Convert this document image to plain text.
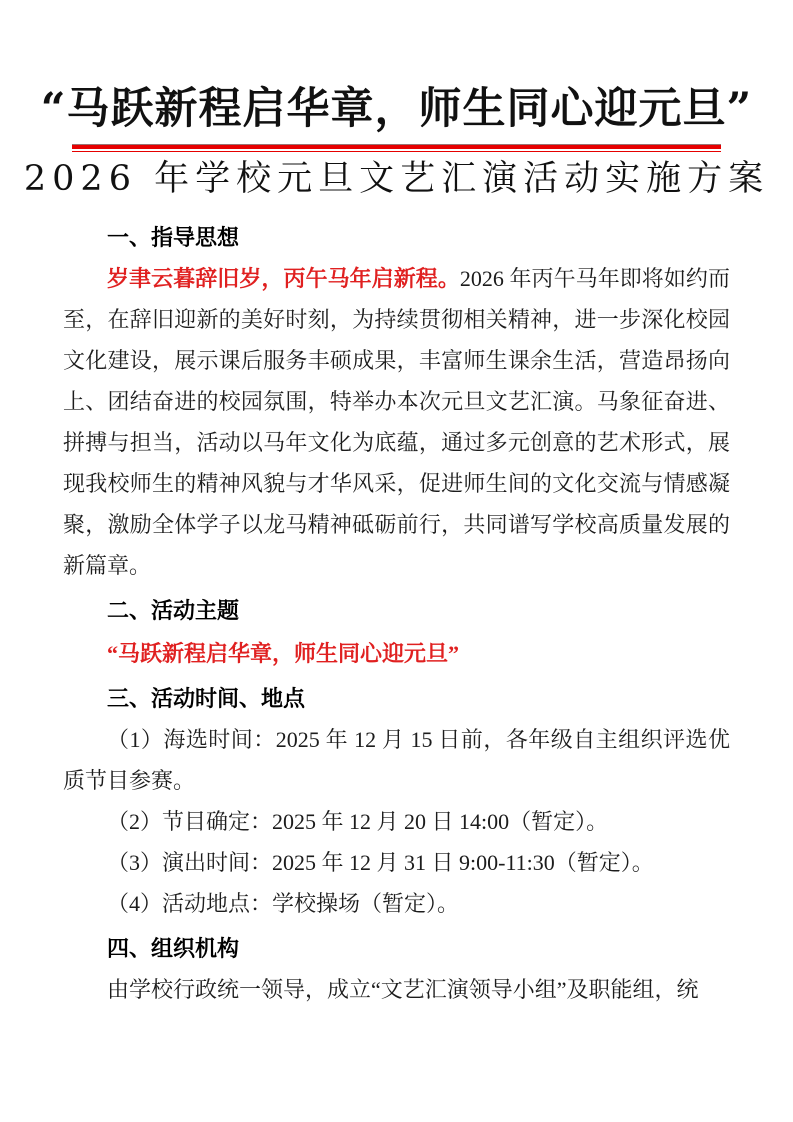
“马跃新程启华章，师生同心迎元旦”
2026 年学校元旦文艺汇演活动实施方案
一、指导思想

岁聿云暮辞旧岁，丙午马年启新程。2026 年丙午马年即将如约而至，在辞旧迎新的美好时刻，为持续贯彻相关精神，进一步深化校园文化建设，展示课后服务丰硕成果，丰富师生课余生活，营造昂扬向上、团结奋进的校园氛围，特举办本次元旦文艺汇演。马象征奋进、拼搏与担当，活动以马年文化为底蕴，通过多元创意的艺术形式，展现我校师生的精神风貌与才华风采，促进师生间的文化交流与情感凝聚，激励全体学子以龙马精神砥砺前行，共同谱写学校高质量发展的新篇章。

二、活动主题

“马跃新程启华章，师生同心迎元旦”

三、活动时间、地点

（1）海选时间：2025 年 12 月 15 日前，各年级自主组织评选优质节目参赛。

（2）节目确定：2025 年 12 月 20 日 14:00（暂定）。

（3）演出时间：2025 年 12 月 31 日 9:00-11:30（暂定）。

（4）活动地点：学校操场（暂定）。

四、组织机构

由学校行政统一领导，成立“文艺汇演领导小组”及职能组，统
